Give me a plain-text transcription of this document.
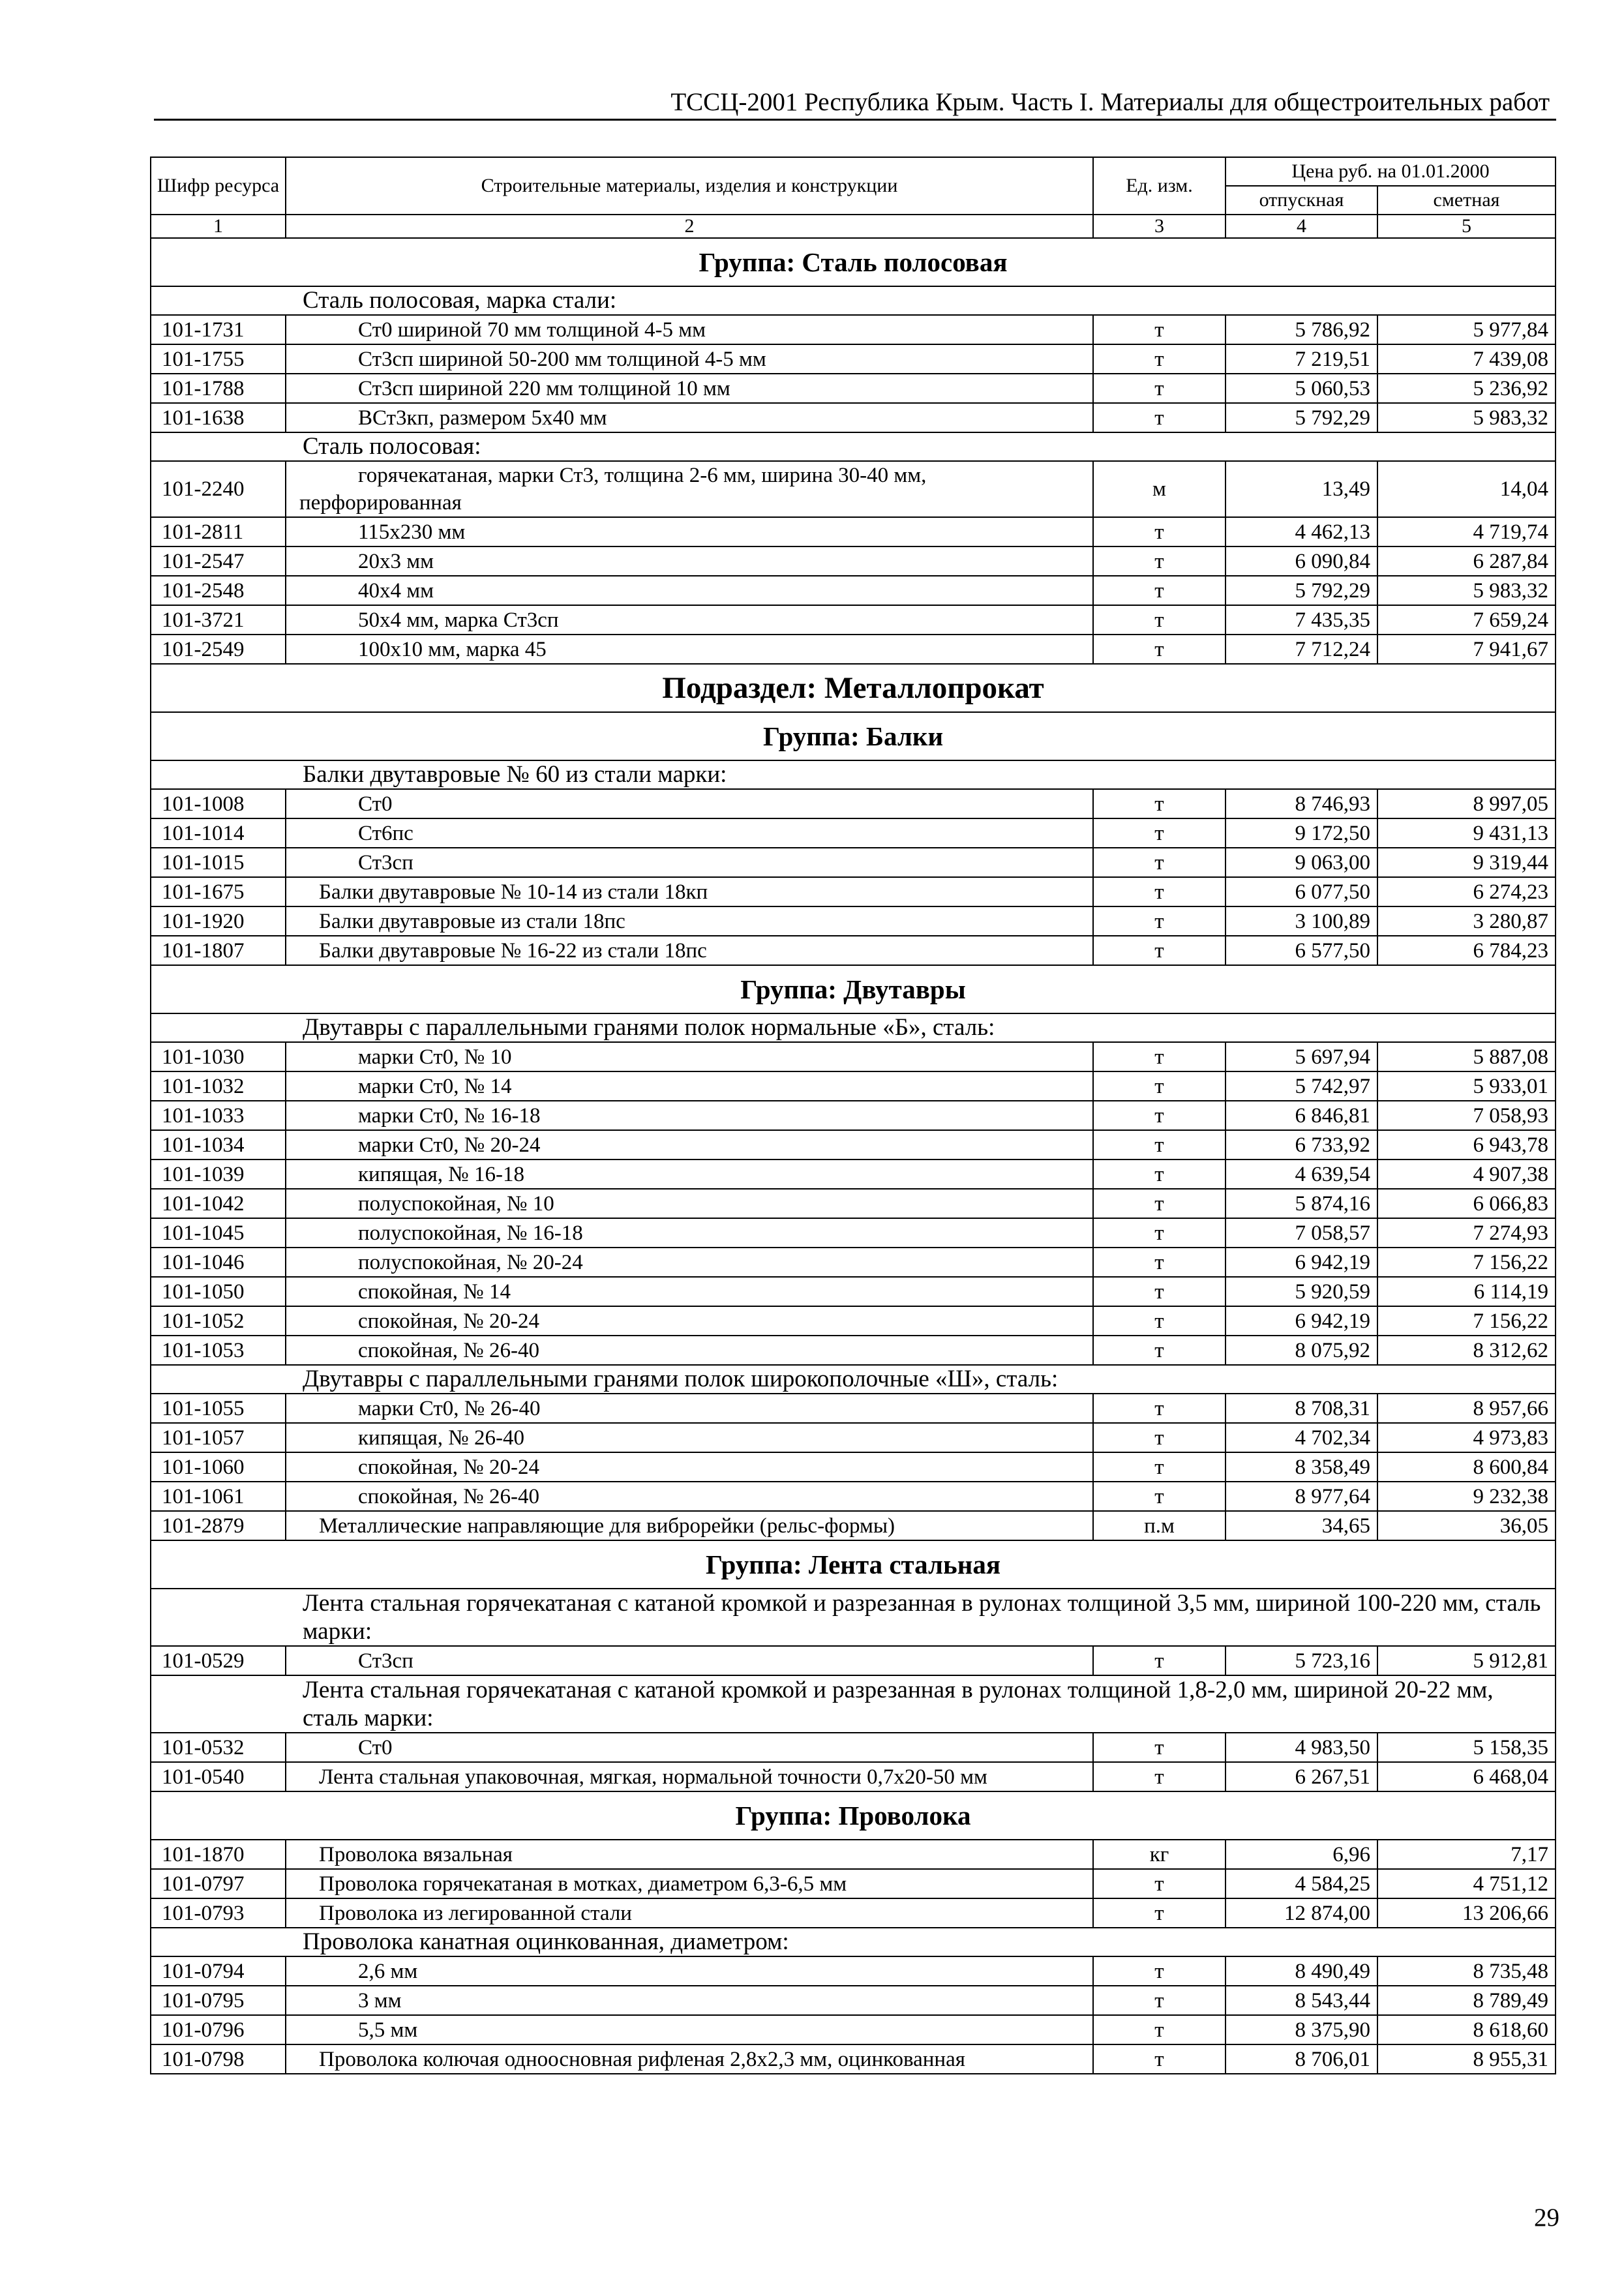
ТССЦ-2001 Республика Крым. Часть I. Материалы для общестроительных работ
Шифр ресурса	Строительные материалы, изделия и конструкции	Ед. изм.	Цена руб. на 01.01.2000	
			отпускная	сметная
1	2	3	4	5
Группа: Сталь полосовая				
Сталь полосовая, марка стали:				
101-1731	Ст0 шириной 70 мм толщиной 4-5 мм	т	5 786,92	5 977,84
101-1755	Ст3сп шириной 50-200 мм толщиной 4-5 мм	т	7 219,51	7 439,08
101-1788	Ст3сп шириной 220 мм толщиной 10 мм	т	5 060,53	5 236,92
101-1638	ВСт3кп, размером 5х40 мм	т	5 792,29	5 983,32
Сталь полосовая:				
101-2240	горячекатаная, марки Ст3, толщина 2-6 мм, ширина 30-40 мм,
перфорированная	м	13,49	14,04
101-2811	115х230 мм	т	4 462,13	4 719,74
101-2547	20х3 мм	т	6 090,84	6 287,84
101-2548	40х4 мм	т	5 792,29	5 983,32
101-3721	50х4 мм, марка Ст3сп	т	7 435,35	7 659,24
101-2549	100х10 мм, марка 45	т	7 712,24	7 941,67
Подраздел: Металлопрокат				
Группа: Балки				
Балки двутавровые № 60 из стали марки:				
101-1008	Ст0	т	8 746,93	8 997,05
101-1014	Ст6пс	т	9 172,50	9 431,13
101-1015	Ст3сп	т	9 063,00	9 319,44
101-1675	Балки двутавровые № 10-14 из стали 18кп	т	6 077,50	6 274,23
101-1920	Балки двутавровые из стали 18пс	т	3 100,89	3 280,87
101-1807	Балки двутавровые № 16-22 из стали 18пс	т	6 577,50	6 784,23
Группа: Двутавры				
Двутавры с параллельными гранями полок нормальные «Б», сталь:				
101-1030	марки Ст0, № 10	т	5 697,94	5 887,08
101-1032	марки Ст0, № 14	т	5 742,97	5 933,01
101-1033	марки Ст0, № 16-18	т	6 846,81	7 058,93
101-1034	марки Ст0, № 20-24	т	6 733,92	6 943,78
101-1039	кипящая, № 16-18	т	4 639,54	4 907,38
101-1042	полуспокойная, № 10	т	5 874,16	6 066,83
101-1045	полуспокойная, № 16-18	т	7 058,57	7 274,93
101-1046	полуспокойная, № 20-24	т	6 942,19	7 156,22
101-1050	спокойная, № 14	т	5 920,59	6 114,19
101-1052	спокойная, № 20-24	т	6 942,19	7 156,22
101-1053	спокойная, № 26-40	т	8 075,92	8 312,62
Двутавры с параллельными гранями полок широкополочные «Ш», сталь:				
101-1055	марки Ст0, № 26-40	т	8 708,31	8 957,66
101-1057	кипящая, № 26-40	т	4 702,34	4 973,83
101-1060	спокойная, № 20-24	т	8 358,49	8 600,84
101-1061	спокойная, № 26-40	т	8 977,64	9 232,38
101-2879	Металлические направляющие для виброрейки (рельс-формы)	п.м	34,65	36,05
Группа: Лента стальная				
Лента стальная горячекатаная с катаной кромкой и разрезанная в рулонах толщиной 3,5 мм, шириной 100-220 мм, сталь марки:				
101-0529	Ст3сп	т	5 723,16	5 912,81
Лента стальная горячекатаная с катаной кромкой и разрезанная в рулонах толщиной 1,8-2,0 мм, шириной 20-22 мм, сталь марки:				
101-0532	Ст0	т	4 983,50	5 158,35
101-0540	Лента стальная упаковочная, мягкая, нормальной точности 0,7х20-50 мм	т	6 267,51	6 468,04
Группа: Проволока				
101-1870	Проволока вязальная	кг	6,96	7,17
101-0797	Проволока горячекатаная в мотках, диаметром 6,3-6,5 мм	т	4 584,25	4 751,12
101-0793	Проволока из легированной стали	т	12 874,00	13 206,66
Проволока канатная оцинкованная, диаметром:				
101-0794	2,6 мм	т	8 490,49	8 735,48
101-0795	3 мм	т	8 543,44	8 789,49
101-0796	5,5 мм	т	8 375,90	8 618,60
101-0798	Проволока колючая одноосновная рифленая 2,8х2,3 мм, оцинкованная	т	8 706,01	8 955,31
29
